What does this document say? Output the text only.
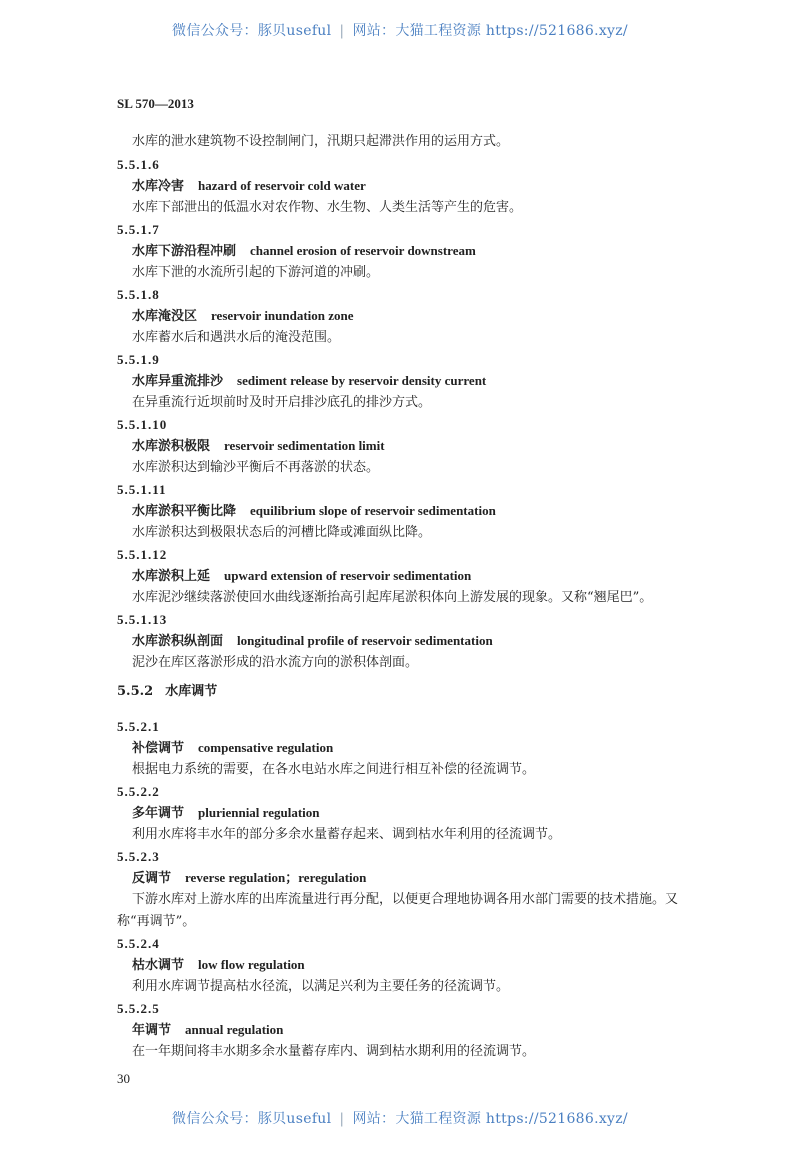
微信公众号：豚贝useful | 网站：大猫工程资源 https://521686.xyz/
SL 570—2013
水库的泄水建筑物不设控制闸门，汛期只起滞洪作用的运用方式。
5.5.1.6
水库冷害 hazard of reservoir cold water
水库下部泄出的低温水对农作物、水生物、人类生活等产生的危害。
5.5.1.7
水库下游沿程冲刷 channel erosion of reservoir downstream
水库下泄的水流所引起的下游河道的冲刷。
5.5.1.8
水库淹没区 reservoir inundation zone
水库蓄水后和遇洪水后的淹没范围。
5.5.1.9
水库异重流排沙 sediment release by reservoir density current
在异重流行近坝前时及时开启排沙底孔的排沙方式。
5.5.1.10
水库淤积极限 reservoir sedimentation limit
水库淤积达到输沙平衡后不再落淤的状态。
5.5.1.11
水库淤积平衡比降 equilibrium slope of reservoir sedimentation
水库淤积达到极限状态后的河槽比降或滩面纵比降。
5.5.1.12
水库淤积上延 upward extension of reservoir sedimentation
水库泥沙继续落淤使回水曲线逐渐抬高引起库尾淤积体向上游发展的现象。又称“翘尾巴”。
5.5.1.13
水库淤积纵剖面 longitudinal profile of reservoir sedimentation
泥沙在库区落淤形成的沿水流方向的淤积体剖面。
5.5.2 水库调节
5.5.2.1
补偿调节 compensative regulation
根据电力系统的需要，在各水电站水库之间进行相互补偿的径流调节。
5.5.2.2
多年调节 pluriennial regulation
利用水库将丰水年的部分多余水量蓄存起来、调到枯水年利用的径流调节。
5.5.2.3
反调节 reverse regulation；reregulation
下游水库对上游水库的出库流量进行再分配，以便更合理地协调各用水部门需要的技术措施。又
称“再调节”。
5.5.2.4
枯水调节 low flow regulation
利用水库调节提高枯水径流，以满足兴利为主要任务的径流调节。
5.5.2.5
年调节 annual regulation
在一年期间将丰水期多余水量蓄存库内、调到枯水期利用的径流调节。
30
微信公众号：豚贝useful | 网站：大猫工程资源 https://521686.xyz/
